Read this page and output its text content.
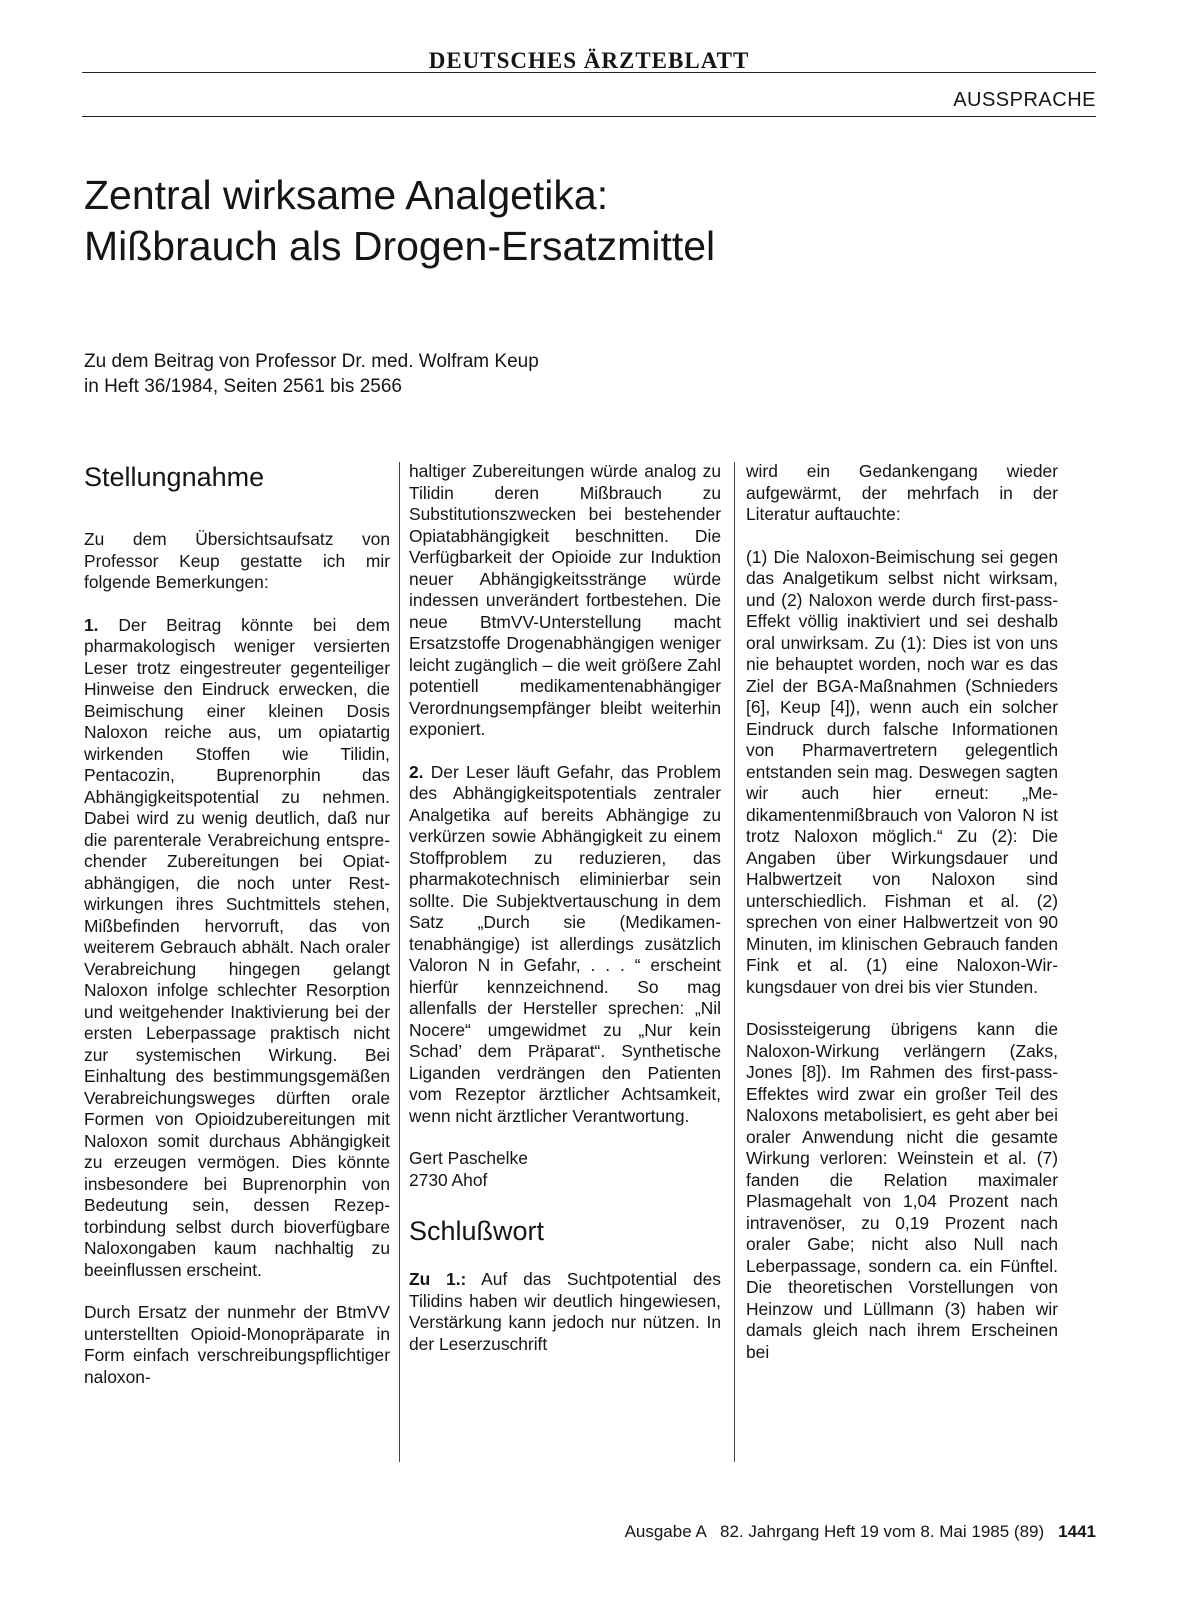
DEUTSCHES ÄRZTEBLATT
AUSSPRACHE
Zentral wirksame Analgetika:
Mißbrauch als Drogen-Ersatzmittel
Zu dem Beitrag von Professor Dr. med. Wolfram Keup
in Heft 36/1984, Seiten 2561 bis 2566
Stellungnahme

Zu dem Übersichtsaufsatz von Professor Keup gestatte ich mir folgende Bemerkungen:

1. Der Beitrag könnte bei dem pharmakologisch weniger versierten Leser trotz eingestreuter gegenteiliger Hinweise den Eindruck erwecken, die Beimischung einer kleinen Dosis Naloxon reiche aus, um opiatartig wirkenden Stoffen wie Tilidin, Pentacozin, Buprenorphin das Abhängigkeitspotential zu nehmen. Dabei wird zu wenig deutlich, daß nur die parenterale Verabreichung entsprechender Zubereitungen bei Opiatabhängigen, die noch unter Restwirkungen ihres Suchtmittels stehen, Mißbefinden hervorruft, das von weiterem Gebrauch abhält. Nach oraler Verabreichung hingegen gelangt Naloxon infolge schlechter Resorption und weitgehender Inaktivierung bei der ersten Leberpassage praktisch nicht zur systemischen Wirkung. Bei Einhaltung des bestimmungsgemäßen Verabreichungsweges dürften orale Formen von Opioidzubereitungen mit Naloxon somit durchaus Abhängigkeit zu erzeugen vermögen. Dies könnte insbesondere bei Buprenorphin von Bedeutung sein, dessen Rezeptorbindung selbst durch bioverfügbare Naloxongaben kaum nachhaltig zu beeinflussen erscheint.

Durch Ersatz der nunmehr der BtmVV unterstellten Opioid-Monopräparate in Form einfach verschreibungspflichtiger naloxon-

haltiger Zubereitungen würde analog zu Tilidin deren Mißbrauch zu Substitutionszwecken bei bestehender Opiatabhängigkeit beschnitten. Die Verfügbarkeit der Opioide zur Induktion neuer Abhängigkeitsstränge würde indessen unverändert fortbestehen. Die neue BtmVV-Unterstellung macht Ersatzstoffe Drogenabhängigen weniger leicht zugänglich – die weit größere Zahl potentiell medikamentenabhängiger Verordnungsempfänger bleibt weiterhin exponiert.

2. Der Leser läuft Gefahr, das Problem des Abhängigkeitspotentials zentraler Analgetika auf bereits Abhängige zu verkürzen sowie Abhängigkeit zu einem Stoffproblem zu reduzieren, das pharmakotechnisch eliminierbar sein sollte. Die Subjektvertauschung in dem Satz „Durch sie (Medikamentenabhängige) ist allerdings zusätzlich Valoron N in Gefahr, . . . “ erscheint hierfür kennzeichnend. So mag allenfalls der Hersteller sprechen: „Nil Nocere“ umgewidmet zu „Nur kein Schad’ dem Präparat“. Synthetische Liganden verdrängen den Patienten vom Rezeptor ärztlicher Achtsamkeit, wenn nicht ärztlicher Verantwortung.

Gert Paschelke
2730 Ahof

Schlußwort

Zu 1.: Auf das Suchtpotential des Tilidins haben wir deutlich hingewiesen, Verstärkung kann jedoch nur nützen. In der Leserzuschrift

wird ein Gedankengang wieder aufgewärmt, der mehrfach in der Literatur auftauchte:

(1) Die Naloxon-Beimischung sei gegen das Analgetikum selbst nicht wirksam, und (2) Naloxon werde durch first-pass-Effekt völlig inaktiviert und sei deshalb oral unwirksam. Zu (1): Dies ist von uns nie behauptet worden, noch war es das Ziel der BGA-Maßnahmen (Schnieders [6], Keup [4]), wenn auch ein solcher Eindruck durch falsche Informationen von Pharmavertretern gelegentlich entstanden sein mag. Deswegen sagten wir auch hier erneut: „Medikamentenmißbrauch von Valoron N ist trotz Naloxon möglich.“ Zu (2): Die Angaben über Wirkungsdauer und Halbwertzeit von Naloxon sind unterschiedlich. Fishman et al. (2) sprechen von einer Halbwertzeit von 90 Minuten, im klinischen Gebrauch fanden Fink et al. (1) eine Naloxon-Wirkungsdauer von drei bis vier Stunden.

Dosissteigerung übrigens kann die Naloxon-Wirkung verlängern (Zaks, Jones [8]). Im Rahmen des first-pass-Effektes wird zwar ein großer Teil des Naloxons metabolisiert, es geht aber bei oraler Anwendung nicht die gesamte Wirkung verloren: Weinstein et al. (7) fanden die Relation maximaler Plasmagehalt von 1,04 Prozent nach intravenöser, zu 0,19 Prozent nach oraler Gabe; nicht also Null nach Leberpassage, sondern ca. ein Fünftel. Die theoretischen Vorstellungen von Heinzow und Lüllmann (3) haben wir damals gleich nach ihrem Erscheinen bei

Ausgabe A   82. Jahrgang Heft 19 vom 8. Mai 1985 (89) 1441
